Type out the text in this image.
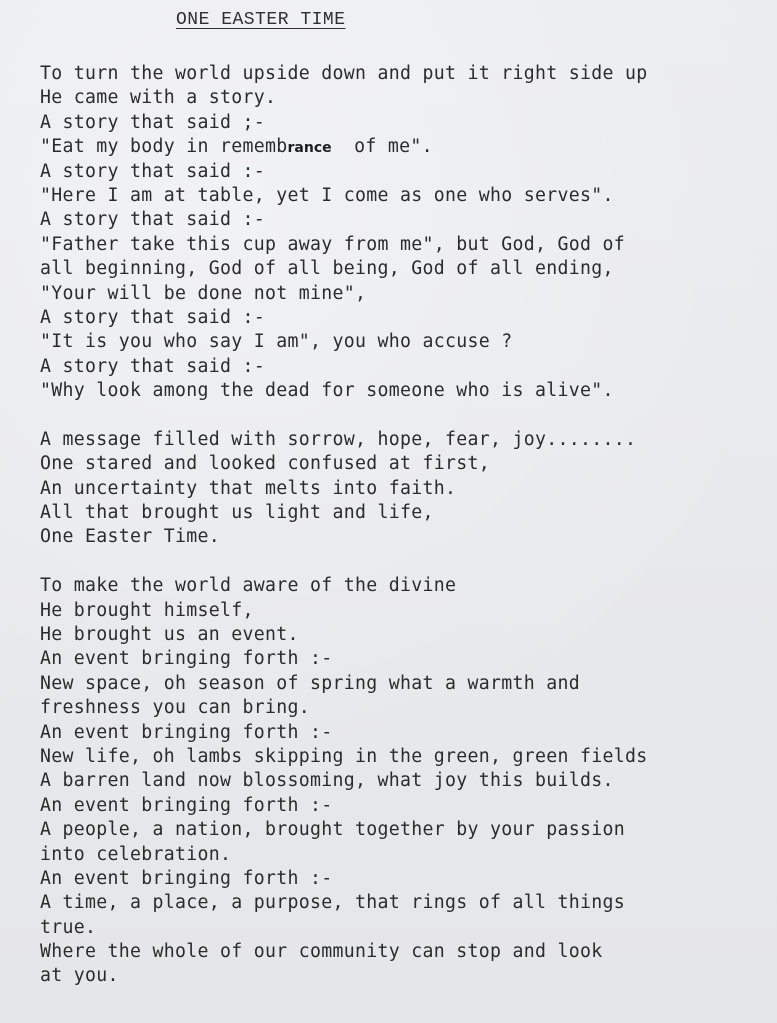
ONE EASTER TIME
To turn the world upside down and put it right side up
He came with a story.
A story that said ;-
"Eat my body in remembrance  of me".
A story that said :-
"Here I am at table, yet I come as one who serves".
A story that said :-
"Father take this cup away from me", but God, God of
all beginning, God of all being, God of all ending,
"Your will be done not mine",
A story that said :-
"It is you who say I am", you who accuse ?
A story that said :-
"Why look among the dead for someone who is alive".
A message filled with sorrow, hope, fear, joy........
One stared and looked confused at first,
An uncertainty that melts into faith.
All that brought us light and life,
One Easter Time.
To make the world aware of the divine
He brought himself,
He brought us an event.
An event bringing forth :-
New space, oh season of spring what a warmth and
freshness you can bring.
An event bringing forth :-
New life, oh lambs skipping in the green, green fields
A barren land now blossoming, what joy this builds.
An event bringing forth :-
A people, a nation, brought together by your passion
into celebration.
An event bringing forth :-
A time, a place, a purpose, that rings of all things
true.
Where the whole of our community can stop and look
at you.
